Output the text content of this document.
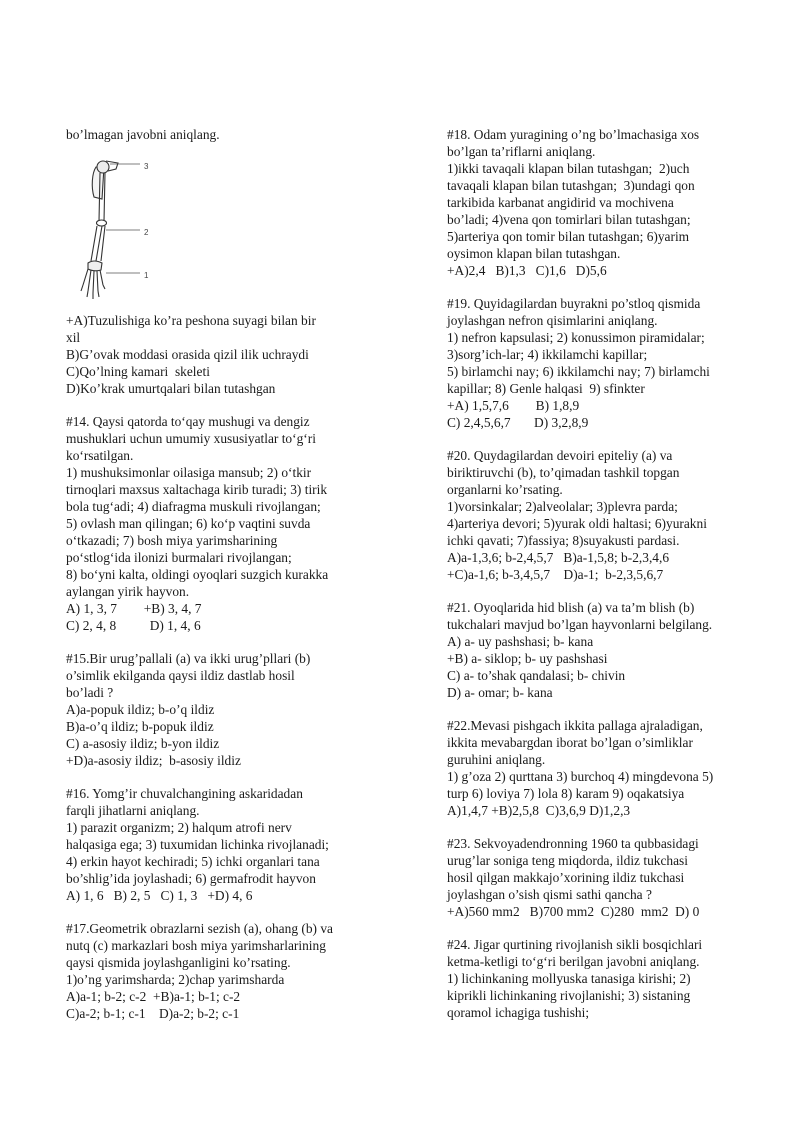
bo’lmagan javobni aniqlang.
3
2
1
+A)Tuzulishiga ko’ra peshona suyagi bilan bir
xil
B)G’ovak moddasi orasida qizil ilik uchraydi
C)Qo’lning kamari  skeleti
D)Ko’krak umurtqalari bilan tutashgan
#14. Qaysi qatorda to‘qay mushugi va dengiz
mushuklari uchun umumiy xususiyatlar to‘g‘ri
ko‘rsatilgan.
1) mushuksimonlar oilasiga mansub; 2) o‘tkir
tirnoqlari maxsus xaltachaga kirib turadi; 3) tirik
bola tug‘adi; 4) diafragma muskuli rivojlangan;
5) ovlash man qilingan; 6) ko‘p vaqtini suvda
o‘tkazadi; 7) bosh miya yarimsharining
po‘stlog‘ida ilonizi burmalari rivojlangan;
8) bo‘yni kalta, oldingi oyoqlari suzgich kurakka
aylangan yirik hayvon.
A) 1, 3, 7        +B) 3, 4, 7
C) 2, 4, 8          D) 1, 4, 6
#15.Bir urug’pallali (a) va ikki urug’pllari (b)
o’simlik ekilganda qaysi ildiz dastlab hosil
bo’ladi ?
A)a-popuk ildiz; b-o’q ildiz
B)a-o’q ildiz; b-popuk ildiz
C) a-asosiy ildiz; b-yon ildiz
+D)a-asosiy ildiz;  b-asosiy ildiz
#16. Yomg’ir chuvalchangining askaridadan
farqli jihatlarni aniqlang.
1) parazit organizm; 2) halqum atrofi nerv
halqasiga ega; 3) tuxumidan lichinka rivojlanadi;
4) erkin hayot kechiradi; 5) ichki organlari tana
bo’shlig’ida joylashadi; 6) germafrodit hayvon
A) 1, 6   B) 2, 5   C) 1, 3   +D) 4, 6
#17.Geometrik obrazlarni sezish (a), ohang (b) va
nutq (c) markazlari bosh miya yarimsharlarining
qaysi qismida joylashganligini ko’rsating.
1)o’ng yarimsharda; 2)chap yarimsharda
A)a-1; b-2; c-2  +B)a-1; b-1; c-2
C)a-2; b-1; c-1    D)a-2; b-2; c-1
#18. Odam yuragining o’ng bo’lmachasiga xos
bo’lgan ta’riflarni aniqlang.
1)ikki tavaqali klapan bilan tutashgan;  2)uch
tavaqali klapan bilan tutashgan;  3)undagi qon
tarkibida karbanat angidirid va mochivena
bo’ladi; 4)vena qon tomirlari bilan tutashgan;
5)arteriya qon tomir bilan tutashgan; 6)yarim
oysimon klapan bilan tutashgan.
+A)2,4   B)1,3   C)1,6   D)5,6
#19. Quyidagilardan buyrakni po’stloq qismida
joylashgan nefron qisimlarini aniqlang.
1) nefron kapsulasi; 2) konussimon piramidalar;
3)sorg’ich-lar; 4) ikkilamchi kapillar;
5) birlamchi nay; 6) ikkilamchi nay; 7) birlamchi
kapillar; 8) Genle halqasi  9) sfinkter
+A) 1,5,7,6        B) 1,8,9
C) 2,4,5,6,7       D) 3,2,8,9
#20. Quydagilardan devoiri epiteliy (a) va
biriktiruvchi (b), to’qimadan tashkil topgan
organlarni ko’rsating.
1)vorsinkalar; 2)alveolalar; 3)plevra parda;
4)arteriya devori; 5)yurak oldi haltasi; 6)yurakni
ichki qavati; 7)fassiya; 8)suyakusti pardasi.
A)a-1,3,6; b-2,4,5,7   B)a-1,5,8; b-2,3,4,6
+C)a-1,6; b-3,4,5,7    D)a-1;  b-2,3,5,6,7
#21. Oyoqlarida hid blish (a) va ta’m blish (b)
tukchalari mavjud bo’lgan hayvonlarni belgilang.
A) a- uy pashshasi; b- kana
+B) a- siklop; b- uy pashshasi
C) a- to’shak qandalasi; b- chivin
D) a- omar; b- kana
#22.Mevasi pishgach ikkita pallaga ajraladigan,
ikkita mevabargdan iborat bo’lgan o’simliklar
guruhini aniqlang.
1) g’oza 2) qurttana 3) burchoq 4) mingdevona 5)
turp 6) loviya 7) lola 8) karam 9) oqakatsiya
A)1,4,7 +B)2,5,8  C)3,6,9 D)1,2,3
#23. Sekvoyadendronning 1960 ta qubbasidagi
urug’lar soniga teng miqdorda, ildiz tukchasi
hosil qilgan makkajo’xorining ildiz tukchasi
joylashgan o’sish qismi sathi qancha ?
+A)560 mm2   B)700 mm2  C)280  mm2  D) 0
#24. Jigar qurtining rivojlanish sikli bosqichlari
ketma-ketligi to‘g‘ri berilgan javobni aniqlang.
1) lichinkaning mollyuska tanasiga kirishi; 2)
kiprikli lichinkaning rivojlanishi; 3) sistaning
qoramol ichagiga tushishi;
